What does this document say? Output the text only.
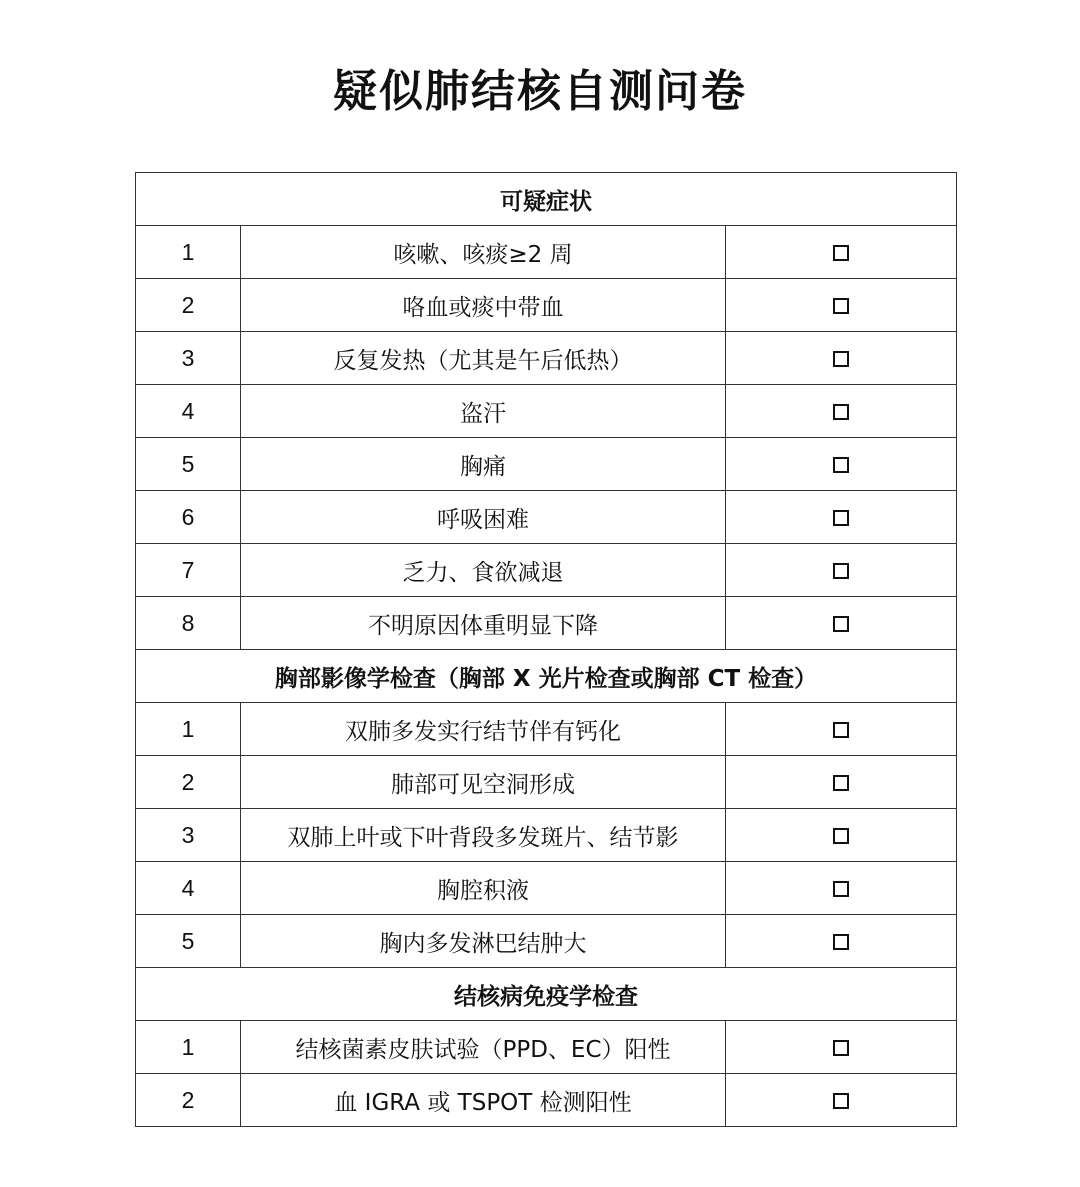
疑似肺结核自测问卷
可疑症状		
1	咳嗽、咳痰≥2 周	
2	咯血或痰中带血	
3	反复发热（尤其是午后低热）	
4	盗汗	
5	胸痛	
6	呼吸困难	
7	乏力、食欲减退	
8	不明原因体重明显下降	
胸部影像学检查（胸部 X 光片检查或胸部 CT 检查）		
1	双肺多发实行结节伴有钙化	
2	肺部可见空洞形成	
3	双肺上叶或下叶背段多发斑片、结节影	
4	胸腔积液	
5	胸内多发淋巴结肿大	
结核病免疫学检查		
1	结核菌素皮肤试验（PPD、EC）阳性	
2	血 IGRA 或 TSPOT 检测阳性	
